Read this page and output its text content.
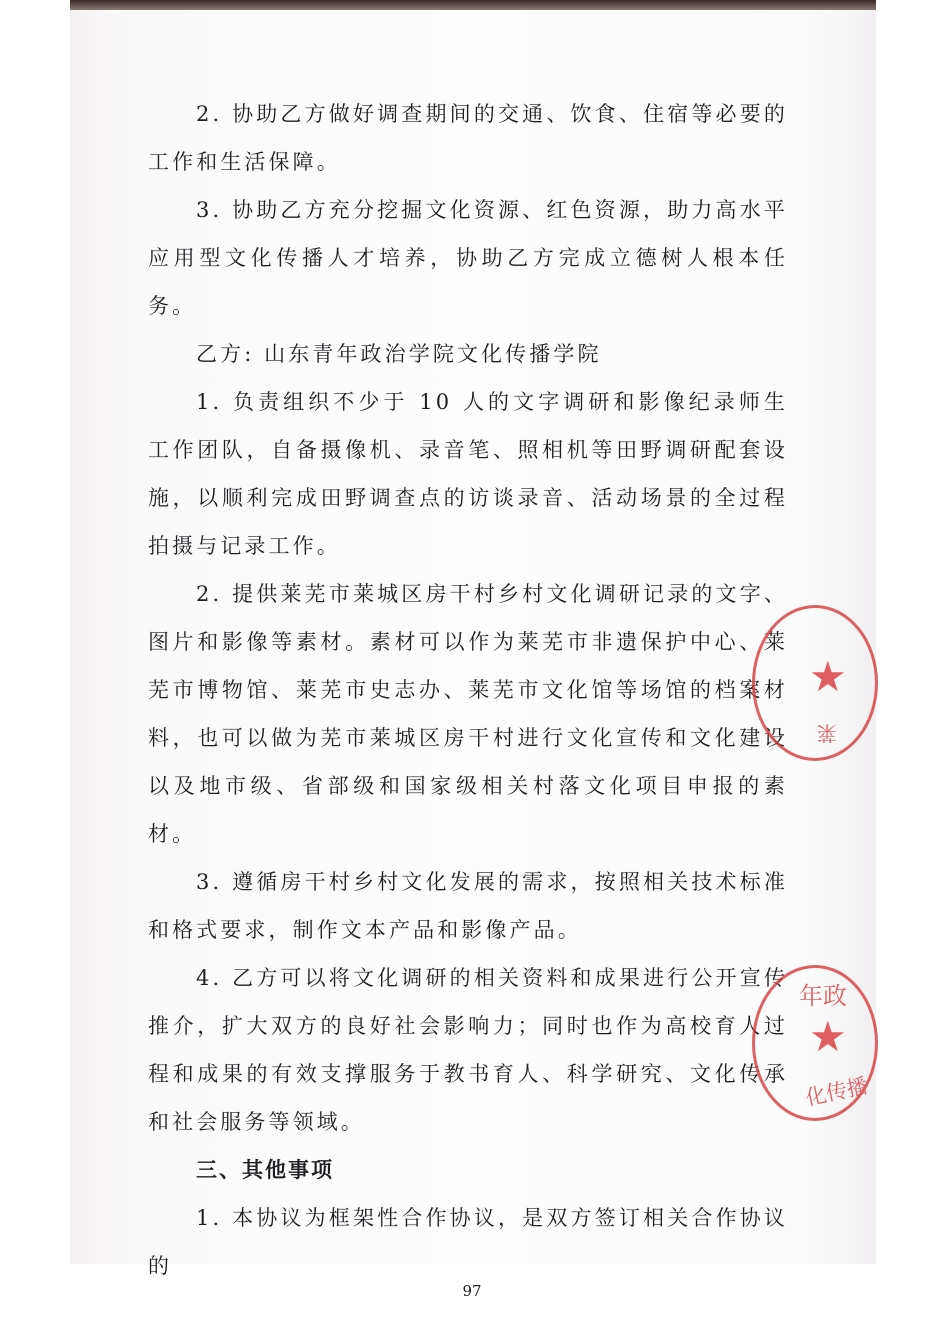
2. 协助乙方做好调查期间的交通、饮食、住宿等必要的工作和生活保障。

3. 协助乙方充分挖掘文化资源、红色资源，助力高水平应用型文化传播人才培养，协助乙方完成立德树人根本任务。

乙方: 山东青年政治学院文化传播学院

1. 负责组织不少于 10 人的文字调研和影像纪录师生工作团队，自备摄像机、录音笔、照相机等田野调研配套设施，以顺利完成田野调查点的访谈录音、活动场景的全过程拍摄与记录工作。

2. 提供莱芜市莱城区房干村乡村文化调研记录的文字、图片和影像等素材。素材可以作为莱芜市非遗保护中心、莱芜市博物馆、莱芜市史志办、莱芜市文化馆等场馆的档案材料，也可以做为芜市莱城区房干村进行文化宣传和文化建设以及地市级、省部级和国家级相关村落文化项目申报的素材。

3. 遵循房干村乡村文化发展的需求，按照相关技术标准和格式要求，制作文本产品和影像产品。

4. 乙方可以将文化调研的相关资料和成果进行公开宣传推介，扩大双方的良好社会影响力；同时也作为高校育人过程和成果的有效支撑服务于教书育人、科学研究、文化传承和社会服务等领域。

三、其他事项

1. 本协议为框架性合作协议，是双方签订相关合作协议的

★
莱
年政
★
化传播
97
